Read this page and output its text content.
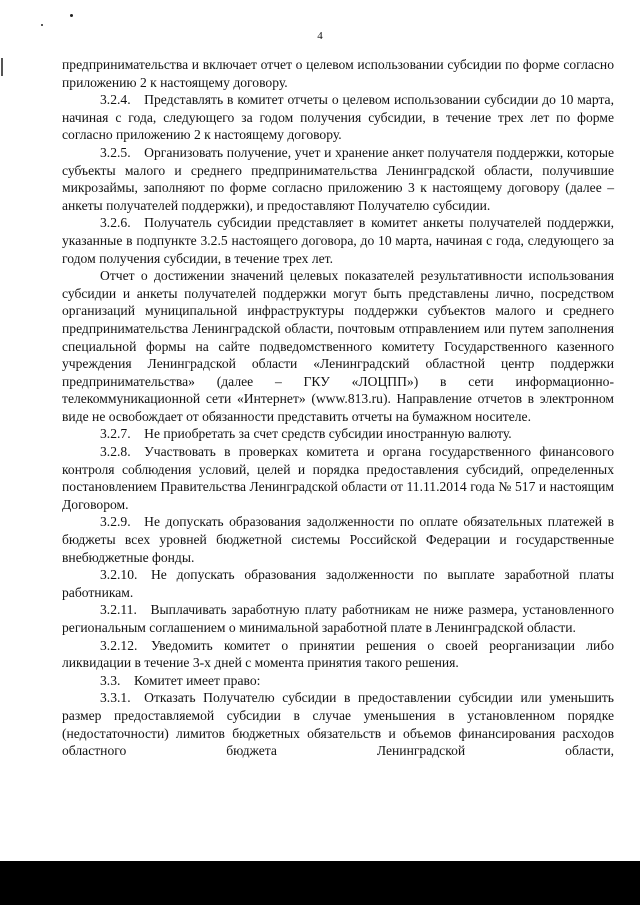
4

предпринимательства и включает отчет о целевом использовании субсидии по форме согласно приложению 2 к настоящему договору.

3.2.4. Представлять в комитет отчеты о целевом использовании субсидии до 10 марта, начиная с года, следующего за годом получения субсидии, в течение трех лет по форме согласно приложению 2 к настоящему договору.

3.2.5. Организовать получение, учет и хранение анкет получателя поддержки, которые субъекты малого и среднего предпринимательства Ленинградской области, получившие микрозаймы, заполняют по форме согласно приложению 3 к настоящему договору (далее – анкеты получателей поддержки), и предоставляют Получателю субсидии.

3.2.6. Получатель субсидии представляет в комитет анкеты получателей поддержки, указанные в подпункте 3.2.5 настоящего договора, до 10 марта, начиная с года, следующего за годом получения субсидии, в течение трех лет.

Отчет о достижении значений целевых показателей результативности использования субсидии и анкеты получателей поддержки могут быть представлены лично, посредством организаций муниципальной инфраструктуры поддержки субъектов малого и среднего предпринимательства Ленинградской области, почтовым отправлением или путем заполнения специальной формы на сайте подведомственного комитету Государственного казенного учреждения Ленинградской области «Ленинградский областной центр поддержки предпринимательства» (далее – ГКУ «ЛОЦПП») в сети информационно-телекоммуникационной сети «Интернет» (www.813.ru). Направление отчетов в электронном виде не освобождает от обязанности представить отчеты на бумажном носителе.

3.2.7. Не приобретать за счет средств субсидии иностранную валюту.

3.2.8. Участвовать в проверках комитета и органа государственного финансового контроля соблюдения условий, целей и порядка предоставления субсидий, определенных постановлением Правительства Ленинградской области от 11.11.2014 года № 517 и настоящим Договором.

3.2.9. Не допускать образования задолженности по оплате обязательных платежей в бюджеты всех уровней бюджетной системы Российской Федерации и государственные внебюджетные фонды.

3.2.10. Не допускать образования задолженности по выплате заработной платы работникам.

3.2.11. Выплачивать заработную плату работникам не ниже размера, установленного региональным соглашением о минимальной заработной плате в Ленинградской области.

3.2.12. Уведомить комитет о принятии решения о своей реорганизации либо ликвидации в течение 3-х дней с момента принятия такого решения.

3.3. Комитет имеет право:

3.3.1. Отказать Получателю субсидии в предоставлении субсидии или уменьшить размер предоставляемой субсидии в случае уменьшения в установленном порядке (недостаточности) лимитов бюджетных обязательств и объемов финансирования расходов областного бюджета Ленинградской области,
